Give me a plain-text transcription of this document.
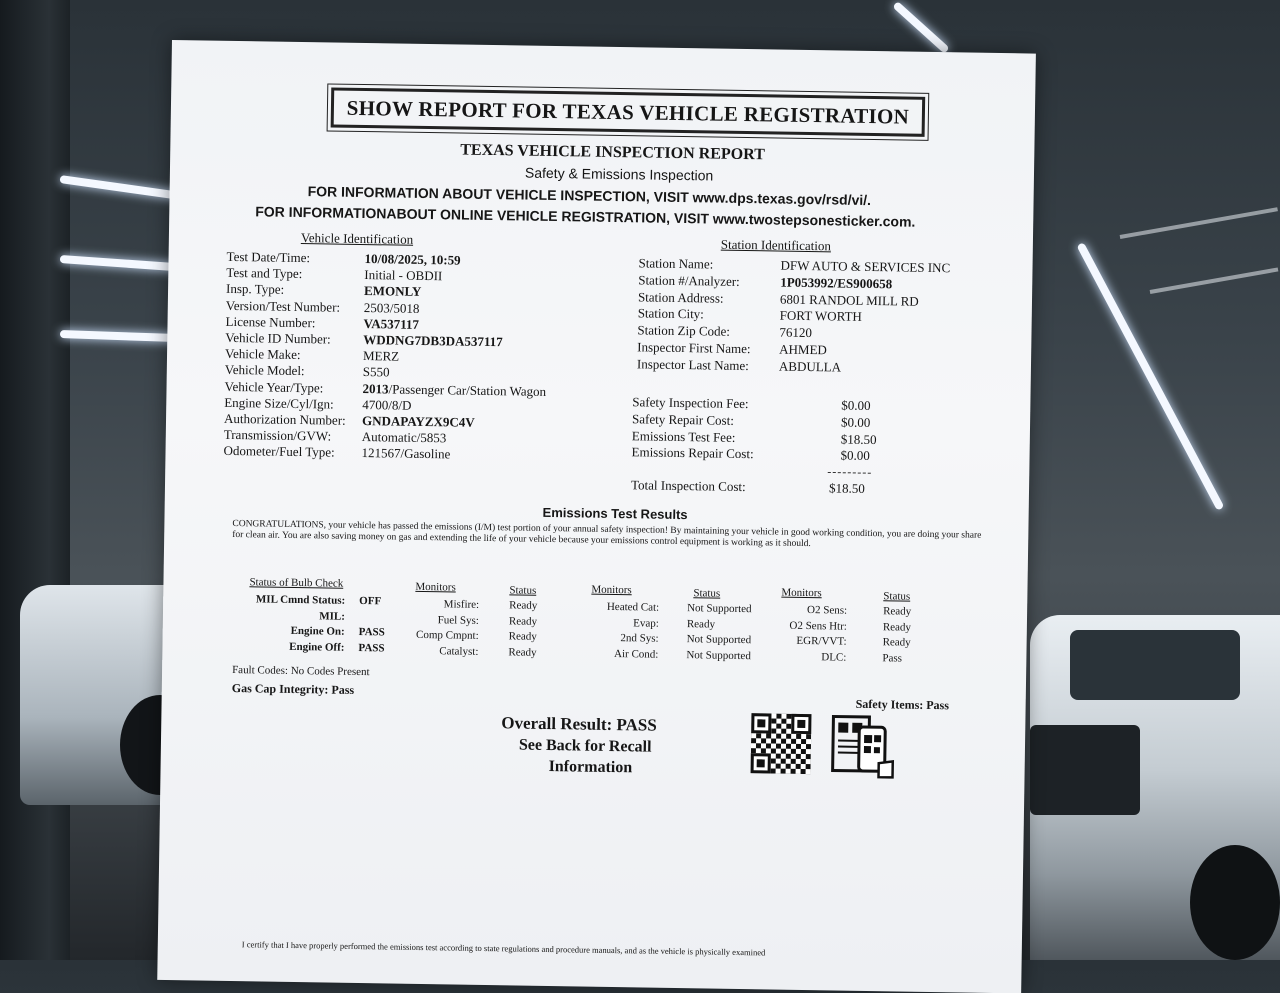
SHOW REPORT FOR TEXAS VEHICLE REGISTRATION
TEXAS VEHICLE INSPECTION REPORT
Safety & Emissions Inspection
FOR INFORMATION ABOUT VEHICLE INSPECTION, VISIT www.dps.texas.gov/rsd/vi/.
FOR INFORMATIONABOUT ONLINE VEHICLE REGISTRATION, VISIT www.twostepsonesticker.com.
Vehicle Identification
Test Date/Time:	10/08/2025, 10:59
Test and Type:	Initial - OBDII
Insp. Type:	EMONLY
Version/Test Number: 2503/5018
License Number:	VA537117
Vehicle ID Number: WDDNG7DB3DA537117
Vehicle Make:	MERZ
Vehicle Model:	S550
Vehicle Year/Type:	2013/Passenger Car/Station Wagon
Engine Size/Cyl/Ign: 4700/8/D
Authorization Number: GNDAPAYZX9C4V
Transmission/GVW: Automatic/5853
Odometer/Fuel Type: 121567/Gasoline
Station Identification
Station Name:	DFW AUTO & SERVICES INC
Station #/Analyzer:	1P053992/ES900658
Station Address:	6801 RANDOL MILL RD
Station City:	FORT WORTH
Station Zip Code:	76120
Inspector First Name: AHMED
Inspector Last Name: ABDULLA
Safety Inspection Fee:	$0.00
Safety Repair Cost:	$0.00
Emissions Test Fee:	$18.50
Emissions Repair Cost:	$0.00
---------
Total Inspection Cost:	$18.50
Emissions Test Results
CONGRATULATIONS, your vehicle has passed the emissions (I/M) test portion of your annual safety inspection! By maintaining your vehicle in good working condition, you are doing your share for clean air. You are also saving money on gas and extending the life of your vehicle because your emissions control equipment is working as it should.
Status of Bulb Check
MIL Cmnd Status: OFF
MIL:
Engine On: PASS
Engine Off: PASS
Monitors	Status
Misfire:	Ready
Fuel Sys:	Ready
Comp Cmpnt:	Ready
Catalyst:	Ready
Monitors	Status
Heated Cat:	Not Supported
Evap:	Ready
2nd Sys:	Not Supported
Air Cond:	Not Supported
Monitors	Status
O2 Sens:	Ready
O2 Sens Htr:	Ready
EGR/VVT:	Ready
DLC:	Pass
Fault Codes: No Codes Present
Gas Cap Integrity: Pass
Safety Items: Pass
Overall Result: PASS
See Back for Recall
Information
I certify that I have properly performed the emissions test according to state regulations and procedure manuals, and as the vehicle is physically examined
